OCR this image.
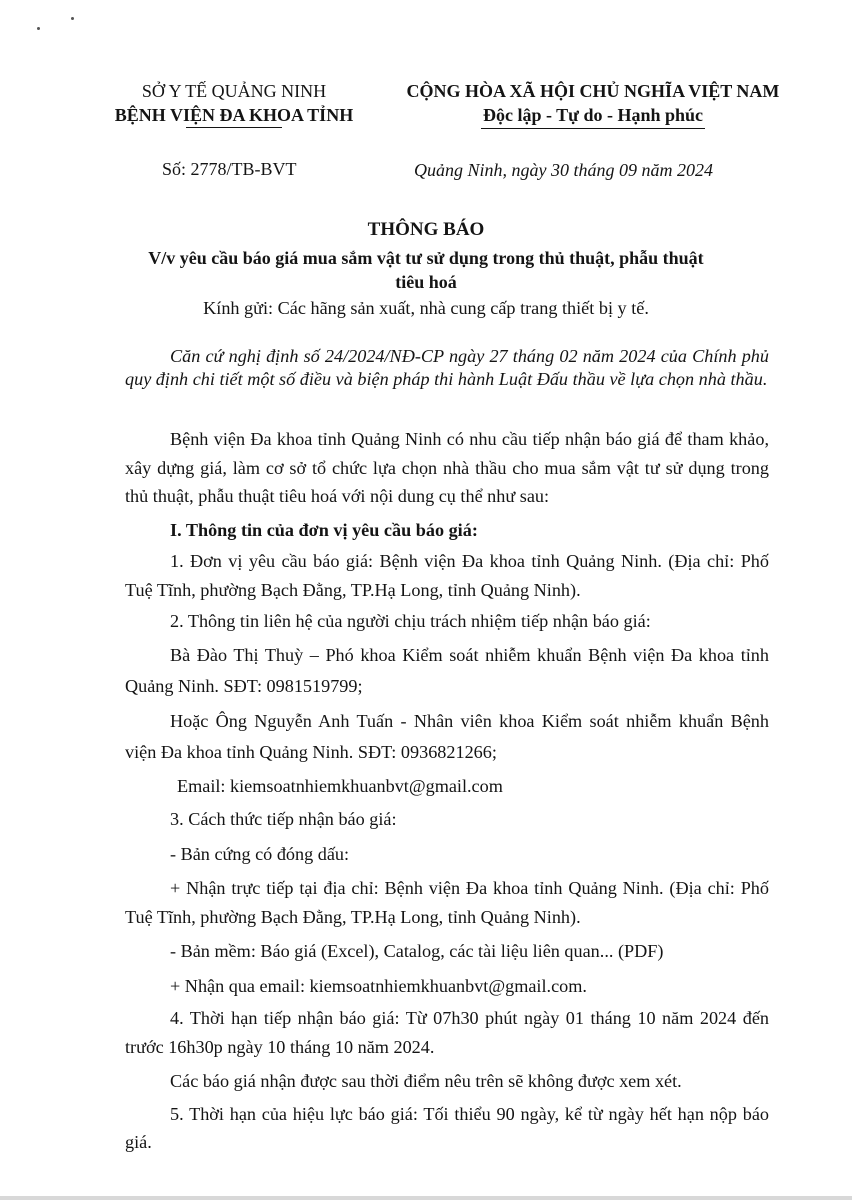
SỞ Y TẾ QUẢNG NINH
BỆNH VIỆN ĐA KHOA TỈNH
CỘNG HÒA XÃ HỘI CHỦ NGHĨA VIỆT NAM
Độc lập - Tự do - Hạnh phúc
Số: 2778/TB-BVT	Quảng Ninh, ngày 30 tháng 09 năm 2024
THÔNG BÁO
V/v yêu cầu báo giá mua sắm vật tư sử dụng trong thủ thuật, phẫu thuật
tiêu hoá
Kính gửi: Các hãng sản xuất, nhà cung cấp trang thiết bị y tế.

Căn cứ nghị định số 24/2024/NĐ-CP ngày 27 tháng 02 năm 2024 của Chính phủ quy định chi tiết một số điều và biện pháp thi hành Luật Đấu thầu về lựa chọn nhà thầu.

Bệnh viện Đa khoa tỉnh Quảng Ninh có nhu cầu tiếp nhận báo giá để tham khảo, xây dựng giá, làm cơ sở tổ chức lựa chọn nhà thầu cho mua sắm vật tư sử dụng trong thủ thuật, phẫu thuật tiêu hoá với nội dung cụ thể như sau:

I. Thông tin của đơn vị yêu cầu báo giá:

1. Đơn vị yêu cầu báo giá: Bệnh viện Đa khoa tỉnh Quảng Ninh. (Địa chỉ: Phố Tuệ Tĩnh, phường Bạch Đằng, TP.Hạ Long, tỉnh Quảng Ninh).

2. Thông tin liên hệ của người chịu trách nhiệm tiếp nhận báo giá:

Bà Đào Thị Thuỳ – Phó khoa Kiểm soát nhiễm khuẩn Bệnh viện Đa khoa tỉnh Quảng Ninh. SĐT: 0981519799;

Hoặc Ông Nguyễn Anh Tuấn - Nhân viên khoa Kiểm soát nhiễm khuẩn Bệnh viện Đa khoa tỉnh Quảng Ninh. SĐT: 0936821266;

Email: kiemsoatnhiemkhuanbvt@gmail.com

3. Cách thức tiếp nhận báo giá:

- Bản cứng có đóng dấu:

+ Nhận trực tiếp tại địa chỉ: Bệnh viện Đa khoa tỉnh Quảng Ninh. (Địa chỉ: Phố Tuệ Tĩnh, phường Bạch Đằng, TP.Hạ Long, tỉnh Quảng Ninh).

- Bản mềm: Báo giá (Excel), Catalog, các tài liệu liên quan... (PDF)

+ Nhận qua email: kiemsoatnhiemkhuanbvt@gmail.com.

4. Thời hạn tiếp nhận báo giá: Từ 07h30 phút ngày 01 tháng 10 năm 2024 đến trước 16h30p ngày 10 tháng 10 năm 2024.

Các báo giá nhận được sau thời điểm nêu trên sẽ không được xem xét.

5. Thời hạn của hiệu lực báo giá: Tối thiểu 90 ngày, kể từ ngày hết hạn nộp báo giá.
